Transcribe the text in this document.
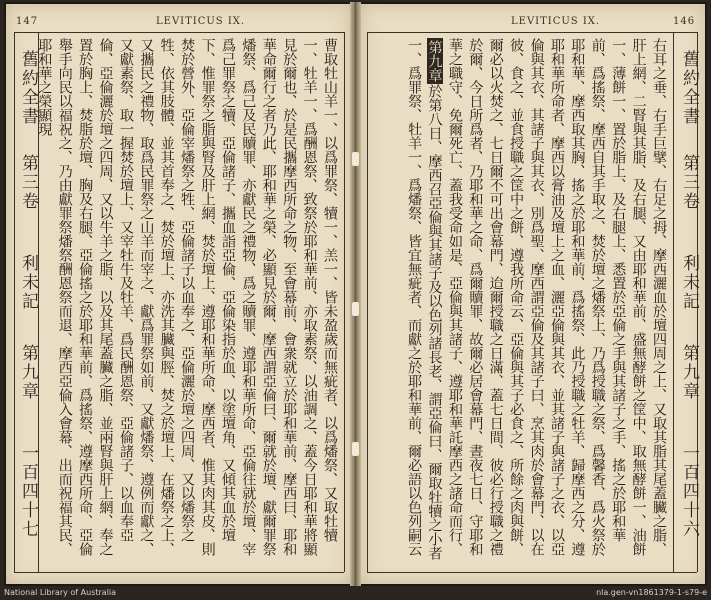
147	LEVITICUS IX.
舊約全書
第三卷
利未記
第九章
一百四十七	曹取牡山羊一、以爲罪祭、犢一、羔一、皆未盈歲而無疵者、以爲燔祭、又取牡犢一、牡羊一、爲酬恩祭、致祭於耶和華前、亦取素祭、以油調之、蓋今日耶和華將顯見於爾也、於是民攜摩西所命之物、至會幕前、會衆就立於耶和華前、摩西曰、耶和華命爾行之者乃此、耶和華之榮、必顯見於爾、摩西謂亞倫曰、爾就於壇、獻爾罪祭燔祭、爲己及民贖罪、亦獻民之禮物、爲之贖罪、遵耶和華所命、亞倫往就於壇、宰爲己罪祭之犢、亞倫諸子、攜血詣亞倫、亞倫染指於血、以塗壇角、又傾其血於壇下、惟罪祭之脂與腎及肝上網、焚於壇上、遵耶和華所命、摩西者、惟其肉其皮、則焚於營外、亞倫宰燔祭之牲、亞倫諸子以血奉之、亞倫灑於壇之四周、又以燔祭之牲、依其肢體、並其首奉之、焚於壇上、亦洗其臟與脛、焚之於壇上、在燔祭之上、又攜民之禮物、取爲民罪祭之山羊而宰之、獻爲罪祭如前、又獻燔祭、遵例而獻之、又獻素祭、取一握焚於壇上、又宰牡牛及牡羊、爲民酬恩祭、亞倫諸子、以血奉亞倫、亞倫灑於壇之四周、又以牛羊之脂、以及其尾蓋臟之脂、並兩腎與肝上網、奉之置於胸上、焚脂於壇、胸及右腿、亞倫搖之於耶和華前、爲搖祭、遵摩西所命、亞倫舉手向民以福祝之、乃由獻罪祭燔祭酬恩祭而退、摩西亞倫入會幕、出而祝福其民、耶和華之榮顯現

LEVITICUS IX.	146

右耳之垂、右手巨擘、右足之拇、摩西灑血於壇四周之上、又取其脂其尾蓋臟之脂、肝上網、二腎與其脂、及右腿、又由耶和華前、盛無酵餅之筐中、取無酵餅一、油餅一、薄餅一、置於脂上、及右腿上、悉置於亞倫之手與其諸子之手、搖之於耶和華前、爲搖祭、摩西自其手取之、焚於壇之燔祭上、乃爲授職之祭、爲馨香、爲火祭於耶和華、摩西取其胸、搖之於耶和華前、爲搖祭、此乃授職之牡羊、歸摩西之分、遵耶和華所命者、摩西以膏油及壇上之血、灑亞倫與其衣、並其諸子與諸子之衣、以亞倫與其衣、其諸子與其衣、別爲聖、摩西謂亞倫及其諸子曰、烹其肉於會幕門、以在彼、食之、並食授職之筐中之餅、遵我所命云、亞倫與其子必食之、所餘之肉與餅、爾必以火焚之、七日爾不可出會幕門、迨爾授職之日滿、蓋七日間、彼必行授職之禮於爾、今日所爲者、乃耶和華之命、爲爾贖罪、故爾必居會幕門、晝夜七日、守耶和華之職守、免爾死亡、蓋我受命如是、亞倫與其諸子、遵耶和華託摩西之諸命而行、第九章於第八日、摩西召亞倫與其諸子及以色列諸長老、謂亞倫曰、爾取牡犢之小者一、爲罪祭、牡羊一、爲燔祭、皆宜無疵者、而獻之於耶和華前、爾必語以色列嗣云	舊約全書
第三卷
利未記
第九章
一百四十六
National Library of Australia	nla.gen-vn1861379-1-s79-e
